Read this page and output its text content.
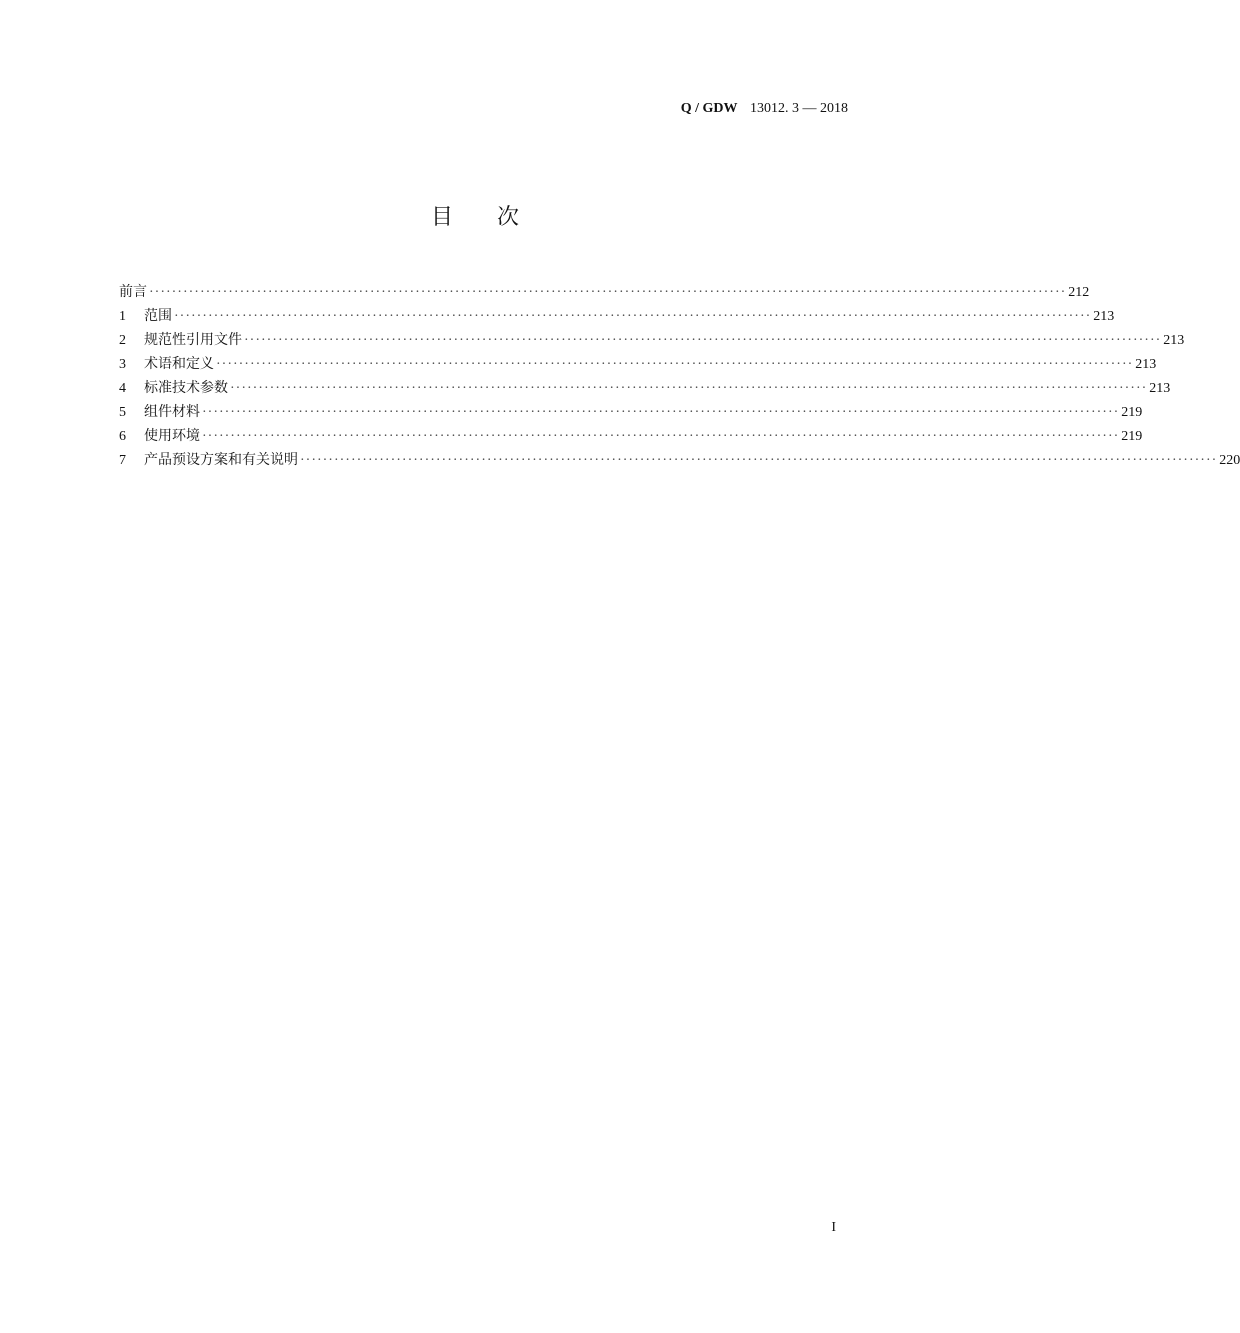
Q / GDW 13012. 3 — 2018
目次
前言 ·································································································································································· 212
1	范围 ·································································································································································· 213
2	规范性引用文件 ·································································································································································· 213
3	术语和定义 ·································································································································································· 213
4	标准技术参数 ·································································································································································· 213
5	组件材料 ·································································································································································· 219
6	使用环境 ·································································································································································· 219
7	产品预设方案和有关说明 ·································································································································································· 220
I
